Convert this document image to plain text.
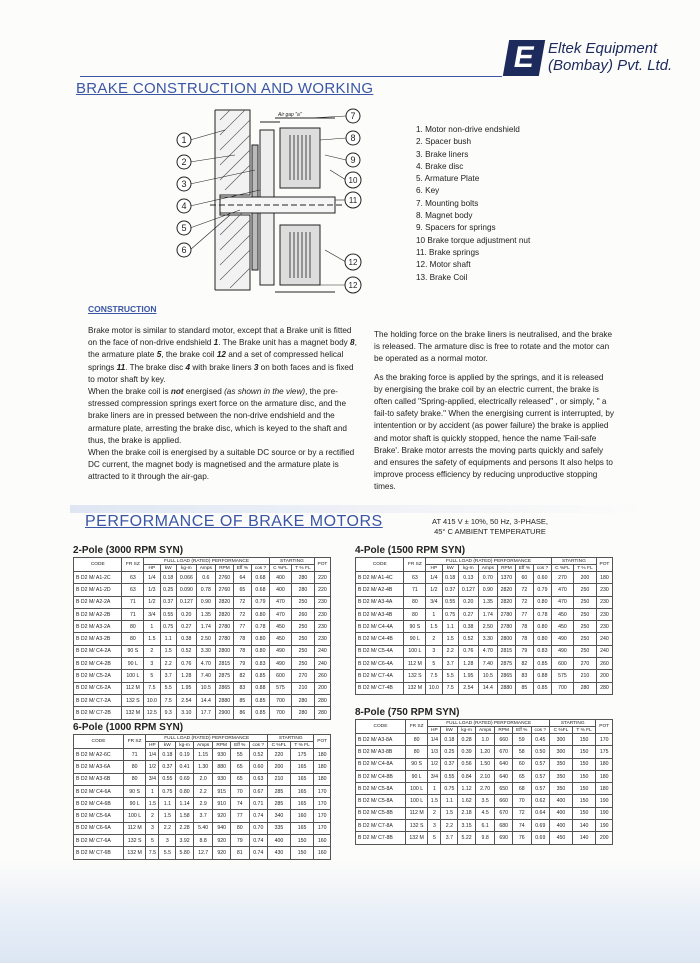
E Eltek Equipment
(Bombay) Pvt. Ltd.
BRAKE CONSTRUCTION AND WORKING
Air gap "a"
1
2
3
4
5
6
7
8
9
10
11
12
12
1. Motor non-drive endshield
2. Spacer bush
3. Brake liners
4. Brake disc
5. Armature Plate
6. Key
7. Mounting bolts
8. Magnet body
9. Spacers for springs
10 Brake torque adjustment nut
11. Brake springs
12. Motor shaft
13. Brake Coil
CONSTRUCTION
Brake motor is similar to standard motor, except that a Brake unit is fitted on the face of non-drive endshield 1. The Brake unit has a magnet body 8, the armature plate 5, the brake coil 12 and a set of compressed helical springs 11. The brake disc 4 with brake liners 3 on both faces and is fixed to motor shaft by key.
When the brake coil is not energised (as shown in the view), the pre-stressed compression springs exert force on the armature disc, and the brake liners are in pressed between the non-drive endshield and the armature plate, arresting the brake disc, which is keyed to the shaft and thus, the brake is applied.
When the brake coil is energised by a suitable DC source or by a rectified DC current, the magnet body is magnetised and the armature plate is attracted to it through the air-gap.
The holding force on the brake liners is neutralised, and the brake is released. The armature disc is free to rotate and the motor can be operated as a normal motor.
As the braking force is applied by the springs, and it is released by energising the brake coil by an electric current, the brake is often called "Spring-applied, electrically released" , or simply, " a fail-to safety brake." When the energising current is interrupted, by intentention or by accident (as power failure) the brake is applied and motor shaft is quickly stopped, hence the name 'Fail-safe Brake'. Brake motor arrests the moving parts quickly and safely and ensures the safety of equipments and persons It also helps to improve process efficiency by reducing unproductive stopping times.
PERFORMANCE OF BRAKE MOTORS	AT 415 V ± 10%, 50 Hz, 3-PHASE,
45° C AMBIENT TEMPERATURE
2-Pole (3000 RPM SYN)
6-Pole (1000 RPM SYN)
4-Pole (1500 RPM SYN)
8-Pole (750 RPM SYN)
CODE	FR SZ	FULL LOAD (RATED) PERFORMANCE							STARTING		POT
		HP	kW	kg-m	Amps	RPM	Eff %	cos ?	C %FL	T % FL	
B D2 M/ A1-2C	63	1/4	0.18	0.066	0.6	2760	64	0.68	400	280	220
B D2 M/ A1-2D	63	1/3	0.25	0.090	0.78	2760	65	0.68	400	280	220
B D2 M/ A2-2A	71	1/2	0.37	0.127	0.90	2820	72	0.79	470	250	230
B D2 M/ A2-2B	71	3/4	0.55	0.20	1.35	2820	72	0.80	470	260	230
B D2 M/ A3-2A	80	1	0.75	0.27	1.74	2780	77	0.78	450	250	230
B D2 M/ A3-2B	80	1.5	1.1	0.38	2.50	2780	78	0.80	450	250	230
B D2 M/ C4-2A	90 S	2	1.5	0.52	3.30	2800	78	0.80	490	250	240
B D2 M/ C4-2B	90 L	3	2.2	0.76	4.70	2815	79	0.83	490	250	240
B D2 M/ C5-2A	100 L	5	3.7	1.28	7.40	2875	82	0.85	600	270	260
B D2 M/ C6-2A	112 M	7.5	5.5	1.95	10.5	2865	83	0.88	575	210	200
B D2 M/ C7-2A	132 S	10.0	7.5	2.54	14.4	2880	85	0.85	700	280	280
B D2 M/ C7-2B	132 M	12.5	9.3	3.10	17.7	2900	86	0.85	700	280	280
CODE	FR SZ	FULL LOAD (RATED) PERFORMANCE							STARTING		POT
		HP	kW	kg-m	Amps	RPM	Eff %	cos ?	C %FL	T % FL	
B D2 M/ A2-6C	71	1/4	0.18	0.19	1.15	930	55	0.52	220	175	180
B D2 M/ A3-6A	80	1/2	0.37	0.41	1.30	880	65	0.60	200	165	180
B D2 M/ A3-6B	80	3/4	0.55	0.69	2.0	930	65	0.63	210	165	180
B D2 M/ C4-6A	90 S	1	0.75	0.80	2.2	915	70	0.67	285	165	170
B D2 M/ C4-6B	90 L	1.5	1.1	1.14	2.9	910	74	0.71	285	165	170
B D2 M/ C5-6A	100 L	2	1.5	1.58	3.7	920	77	0.74	340	160	170
B D2 M/ C6-6A	112 M	3	2.2	2.28	5.40	940	80	0.70	335	165	170
B D2 M/ C7-6A	132 S	5	3	3.92	8.8	920	79	0.74	400	150	160
B D2 M/ C7-6B	132 M	7.5	5.5	5.80	12.7	920	81	0.74	430	150	160
CODE	FR SZ	FULL LOAD (RATED) PERFORMANCE							STARTING		POT
		HP	kW	kg-m	Amps	RPM	Eff %	cos ?	C %FL	T % FL	
B D2 M/ A1-4C	63	1/4	0.18	0.13	0.70	1370	60	0.60	270	200	180
B D2 M/ A2-4B	71	1/2	0.37	0.127	0.90	2820	72	0.79	470	250	230
B D2 M/ A3-4A	80	3/4	0.55	0.20	1.35	2820	72	0.80	470	250	230
B D2 M/ A3-4B	80	1	0.75	0.27	1.74	2780	77	0.78	450	250	230
B D2 M/ C4-4A	90 S	1.5	1.1	0.38	2.50	2780	78	0.80	450	250	230
B D2 M/ C4-4B	90 L	2	1.5	0.52	3.30	2800	78	0.80	490	250	240
B D2 M/ C5-4A	100 L	3	2.2	0.76	4.70	2815	79	0.83	490	250	240
B D2 M/ C6-4A	112 M	5	3.7	1.28	7.40	2875	82	0.85	600	270	260
B D2 M/ C7-4A	132 S	7.5	5.5	1.95	10.5	2865	83	0.88	575	210	200
B D2 M/ C7-4B	132 M	10.0	7.5	2.54	14.4	2880	85	0.85	700	280	280
CODE	FR SZ	FULL LOAD (RATED) PERFORMANCE							STARTING		POT
		HP	kW	kg-m	Amps	RPM	Eff %	cos ?	C %FL	T % FL	
B D2 M/ A3-8A	80	1/4	0.18	0.28	1.0	660	59	0.45	300	150	170
B D2 M/ A3-8B	80	1/3	0.25	0.39	1.20	670	58	0.50	300	150	175
B D2 M/ C4-8A	90 S	1/2	0.37	0.56	1.50	640	60	0.57	350	150	180
B D2 M/ C4-8B	90 L	3/4	0.55	0.84	2.10	640	65	0.57	350	150	180
B D2 M/ C5-8A	100 L	1	0.75	1.12	2.70	650	68	0.57	350	150	180
B D2 M/ C5-8A	100 L	1.5	1.1	1.62	3.5	660	70	0.62	400	150	190
B D2 M/ C5-8B	112 M	2	1.5	2.18	4.5	670	72	0.64	400	150	190
B D2 M/ C7-8A	132 S	3	2.2	3.15	6.1	680	74	0.69	400	140	190
B D2 M/ C7-8B	132 M	5	3.7	5.22	9.8	690	76	0.69	450	140	200
